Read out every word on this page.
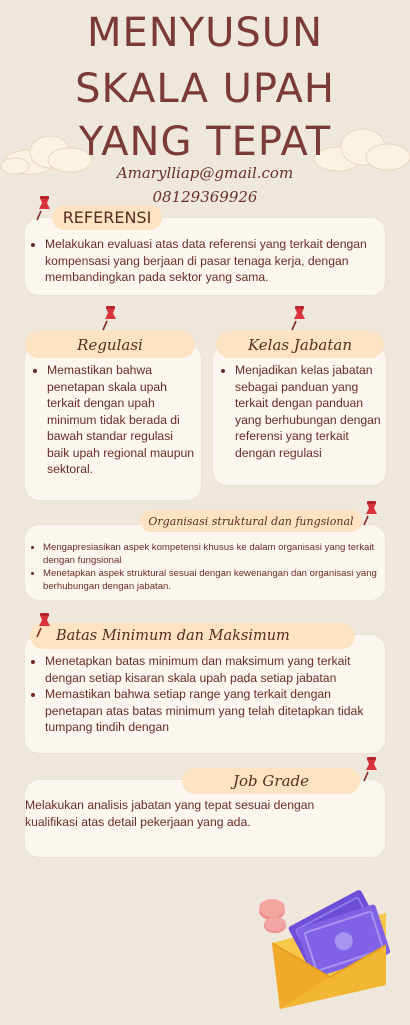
MENYUSUN
SKALA UPAH
YANG TEPAT
Amarylliap@gmail.com
08129369926
REFERENSI
• Melakukan evaluasi atas data referensi yang terkait dengan kompensasi yang berjaan di pasar tenaga kerja, dengan membandingkan pada sektor yang sama.
Regulasi
• Memastikan bahwa penetapan skala upah terkait dengan upah minimum tidak berada di bawah standar regulasi baik upah regional maupun sektoral.
Kelas Jabatan
• Menjadikan kelas jabatan sebagai panduan yang terkait dengan panduan yang berhubungan dengan referensi yang terkait dengan regulasi
Organisasi struktural dan fungsional
• Mengapresiasikan aspek kompetensi khusus ke dalam organisasi yang terkait dengan fungsional
• Menetapkan aspek struktural sesuai dengan kewenangan dan organisasi yang berhubungan dengan jabatan.
Batas Minimum dan Maksimum
• Menetapkan batas minimum dan maksimum yang terkait dengan setiap kisaran skala upah pada setiap jabatan
• Memastikan bahwa setiap range yang terkait dengan penetapan atas batas minimum yang telah ditetapkan tidak tumpang tindih dengan
Job Grade
Melakukan analisis jabatan yang tepat sesuai dengan kualifikasi atas detail pekerjaan yang ada.
